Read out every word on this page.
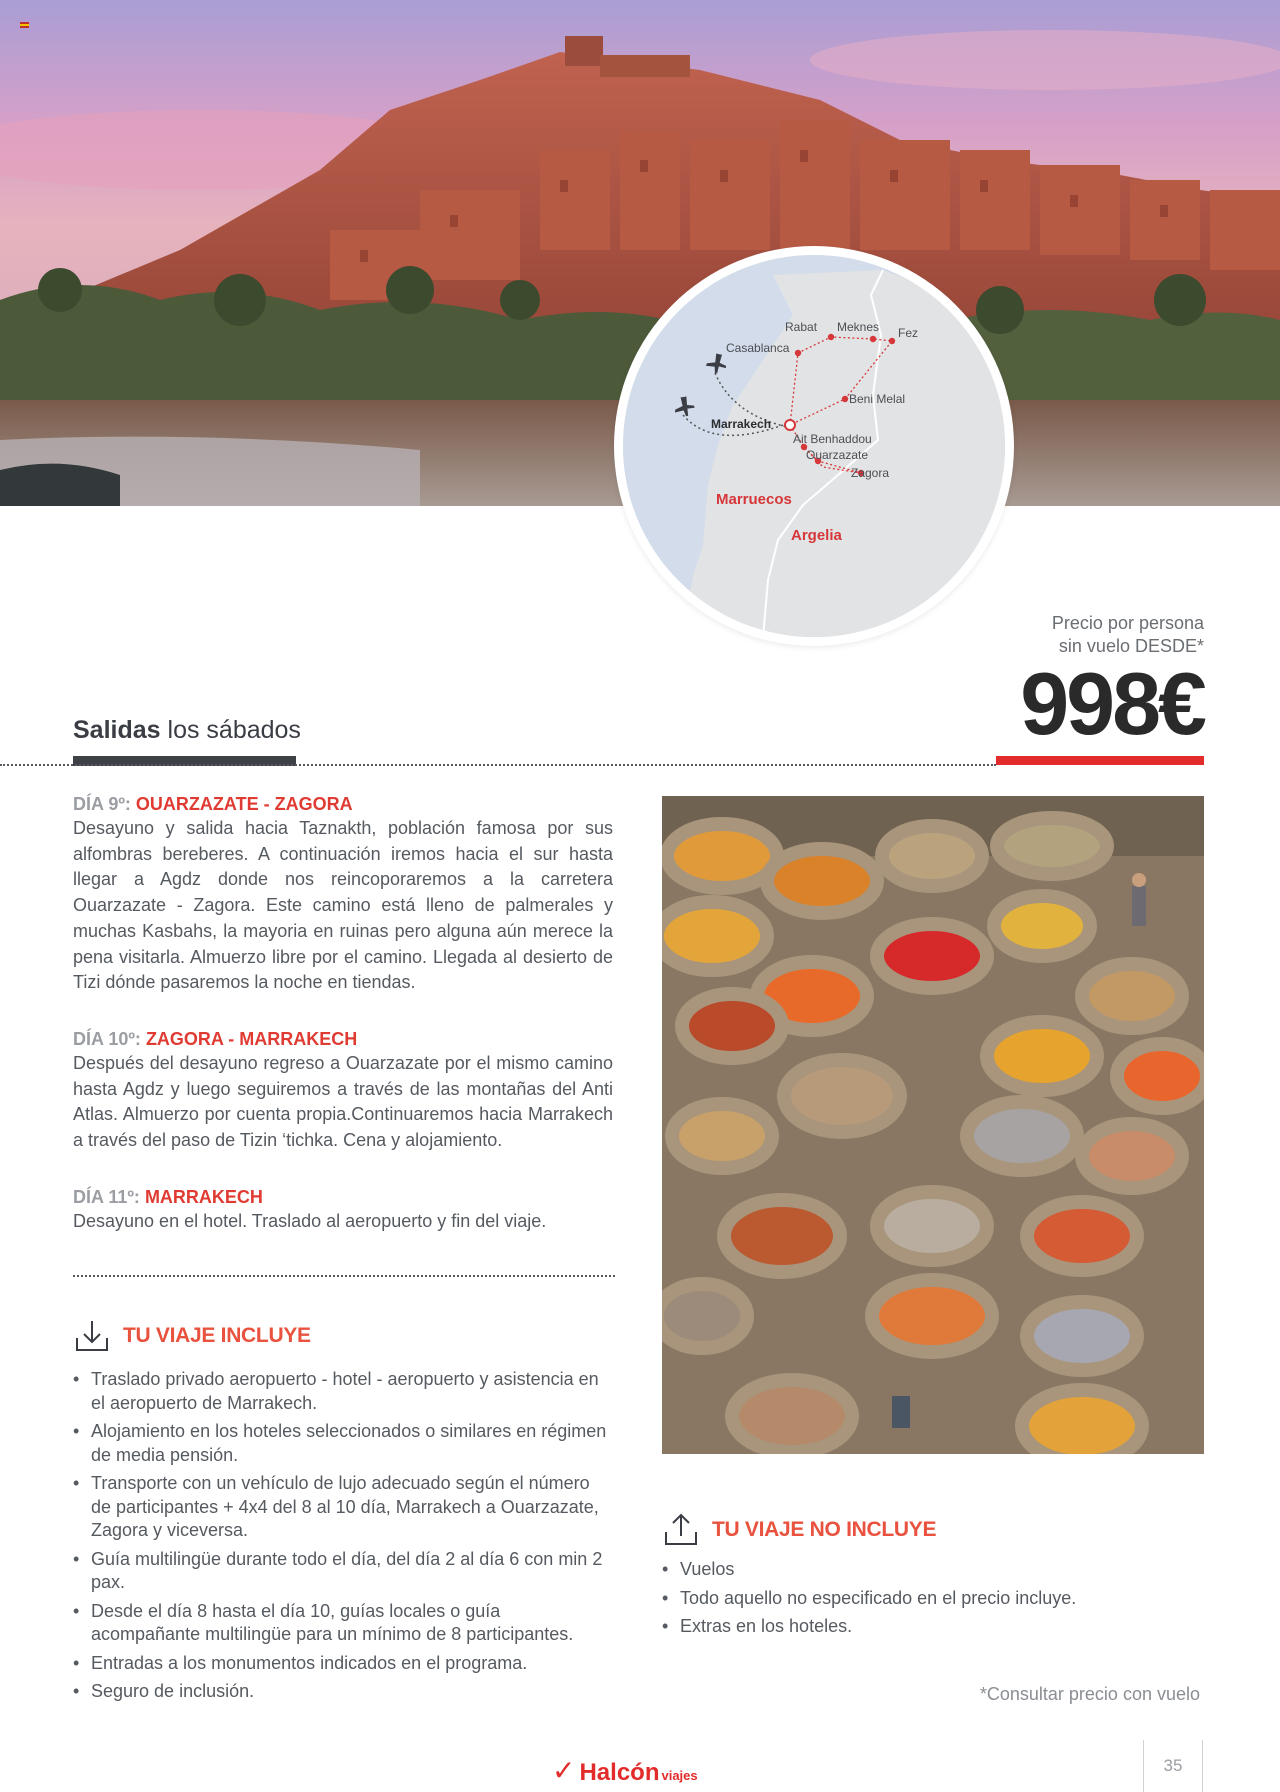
Rabat Meknes Fez
Casablanca
Beni Melal
Marrakech
Ait Benhaddou
Ouarzazate
Zagora
Marruecos
Argelia
Precio por persona
sin vuelo DESDE*
998€
Salidas los sábados
DÍA 9º: OUARZAZATE - ZAGORA
Desayuno y salida hacia Taznakth, población famosa por sus alfombras bereberes. A continuación iremos hacia el sur hasta llegar a Agdz donde nos reincoporaremos a la carretera Ouarzazate - Zagora. Este camino está lleno de palmerales y muchas Kasbahs, la mayoria en ruinas pero alguna aún merece la pena visitarla. Almuerzo libre por el camino. Llegada al desierto de Tizi dónde pasaremos la noche en tiendas.
DÍA 10º: ZAGORA - MARRAKECH
Después del desayuno regreso a Ouarzazate por el mismo camino hasta Agdz y luego seguiremos a través de las montañas del Anti Atlas. Almuerzo por cuenta propia.Continuaremos hacia Marrakech a través del paso de Tizin ‘tichka. Cena y alojamiento.
DÍA 11º: MARRAKECH
Desayuno en el hotel. Traslado al aeropuerto y fin del viaje.
TU VIAJE INCLUYE
• Traslado privado aeropuerto - hotel - aeropuerto y asistencia en el aeropuerto de Marrakech.
• Alojamiento en los hoteles seleccionados o similares en régimen de media pensión.
• Transporte con un vehículo de lujo adecuado según el número de participantes + 4x4 del 8 al 10 día, Marrakech a Ouarzazate, Zagora y viceversa.
• Guía multilingüe durante todo el día, del día 2 al día 6 con min 2 pax.
• Desde el día 8 hasta el día 10, guías locales o guía acompañante multilingüe para un mínimo de 8 participantes.
• Entradas a los monumentos indicados en el programa.
• Seguro de inclusión.
TU VIAJE NO INCLUYE
• Vuelos
• Todo aquello no especificado en el precio incluye.
• Extras en los hoteles.
*Consultar precio con vuelo
✓ Halcón viajes
35
